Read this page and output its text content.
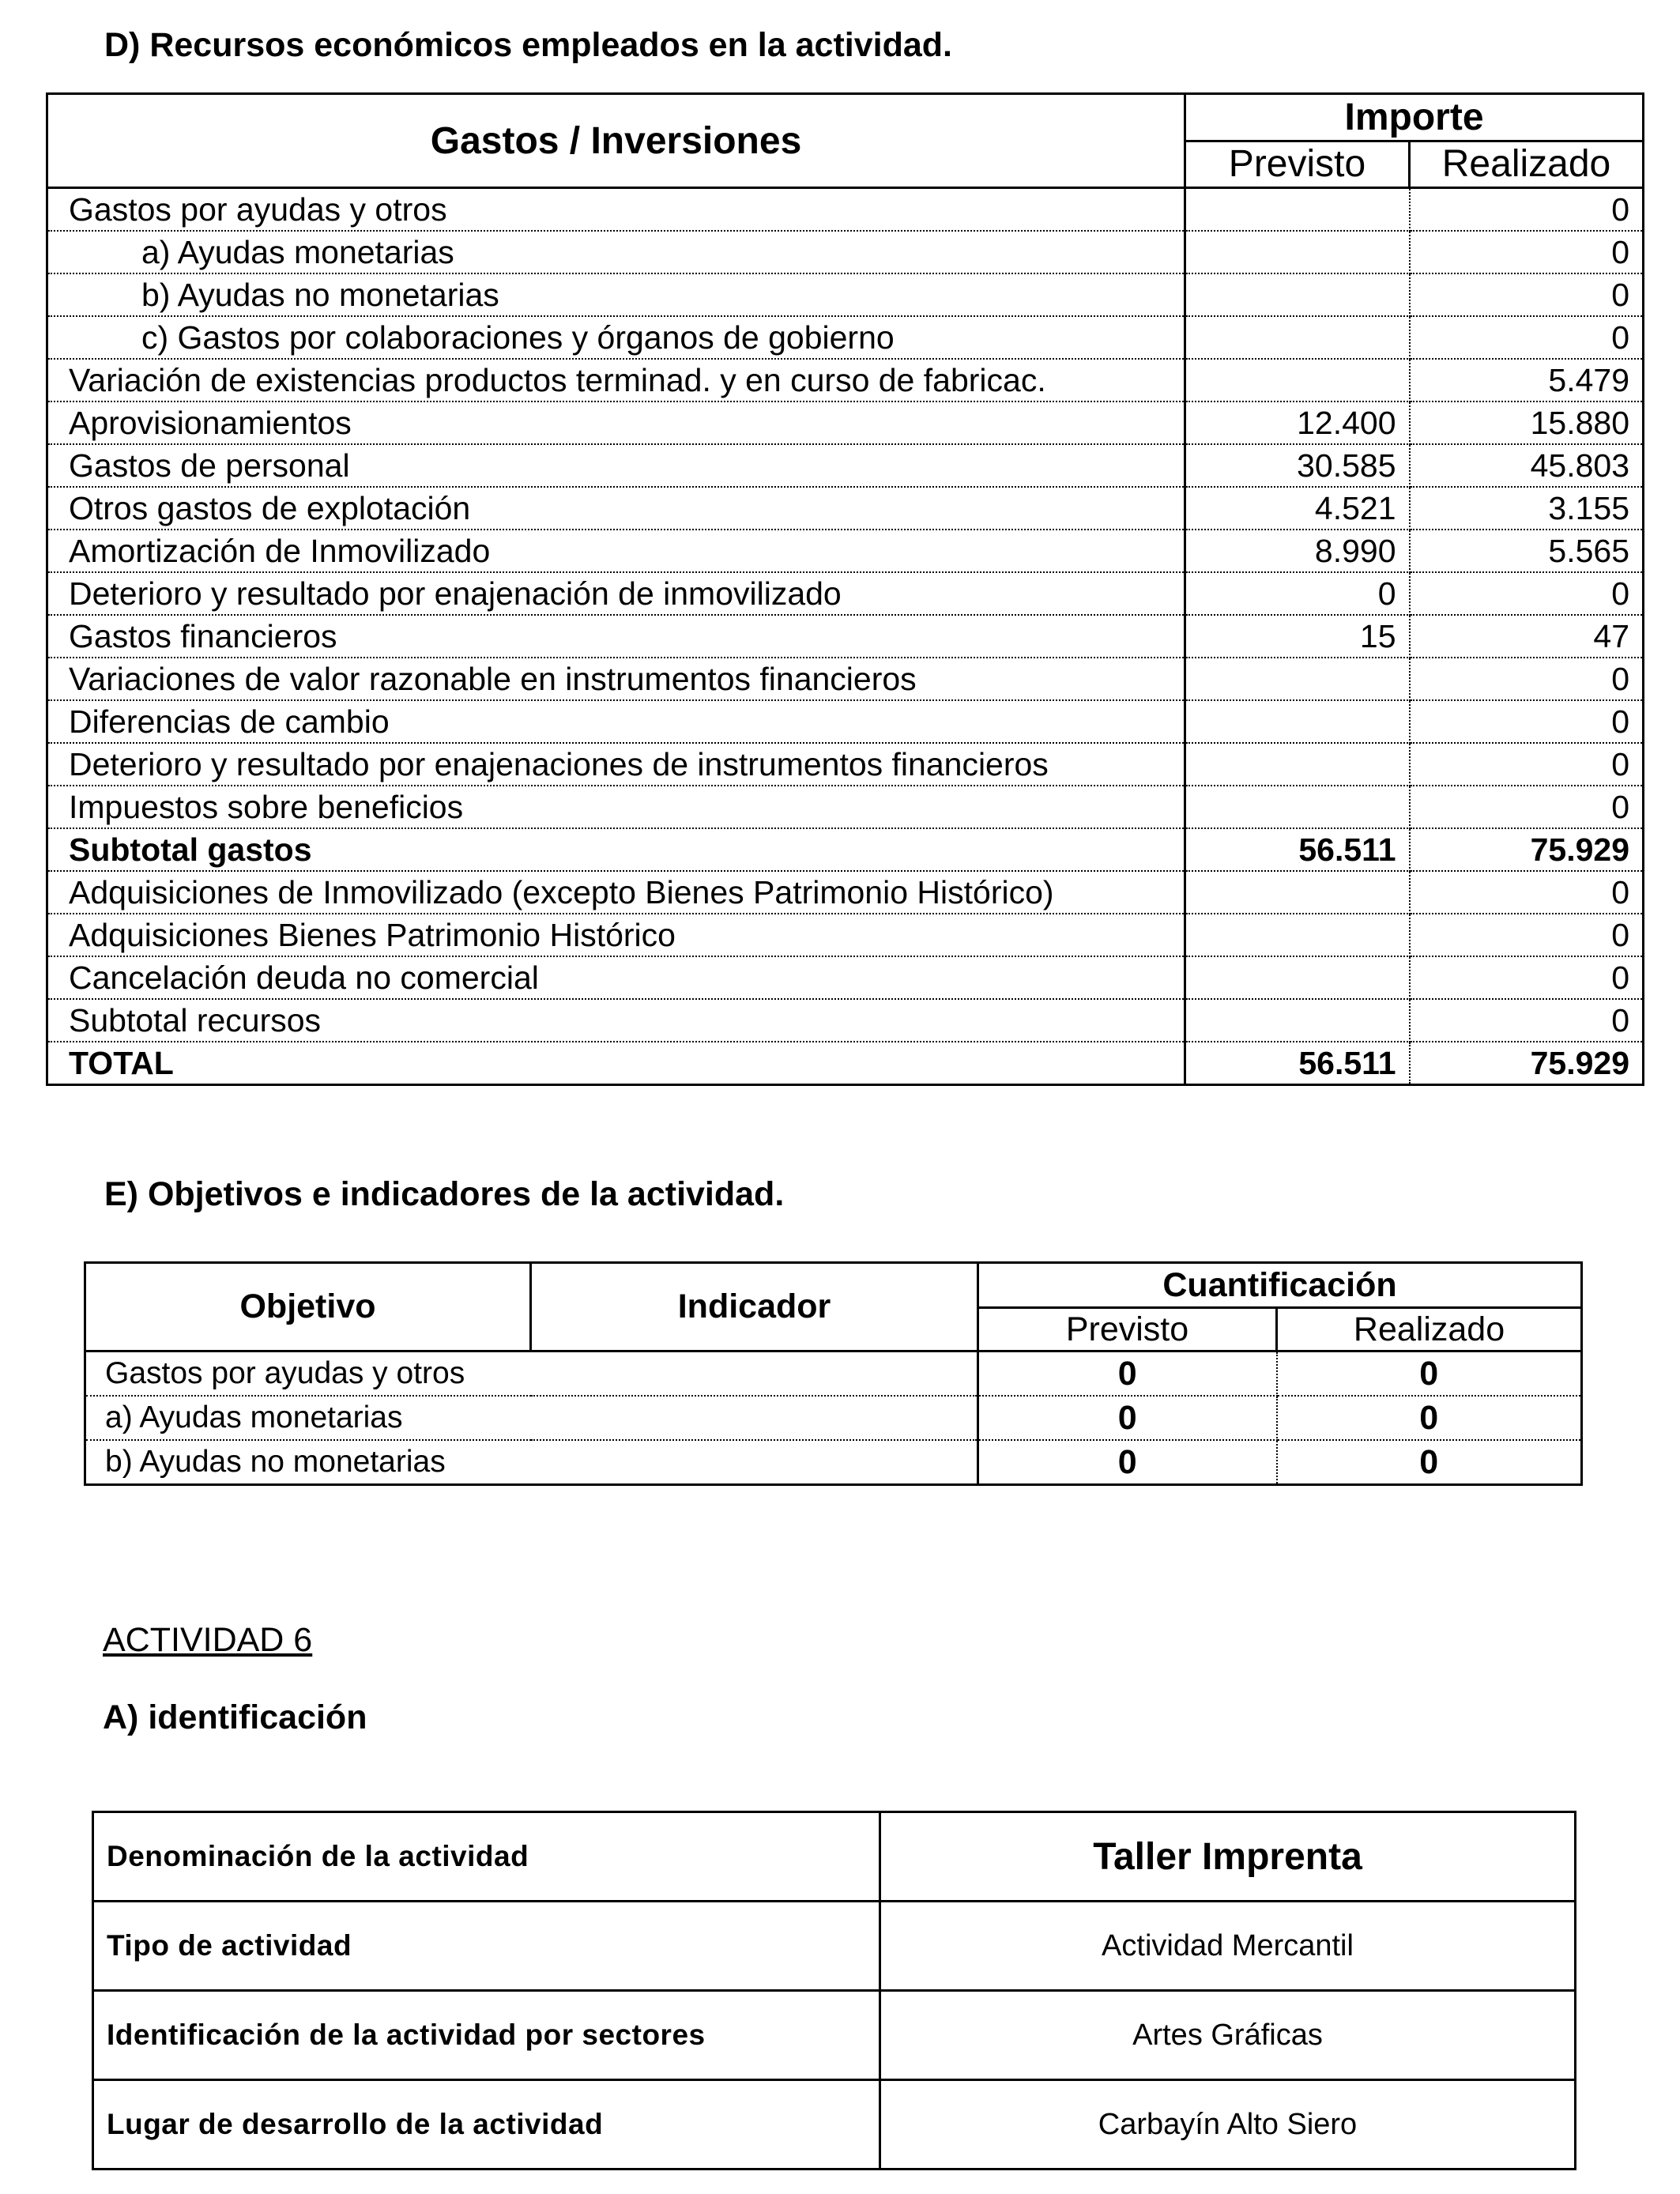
D) Recursos económicos empleados en la actividad.
Gastos / Inversiones	Importe	
	Previsto	Realizado
Gastos por ayudas y otros		0
a) Ayudas monetarias		0
b) Ayudas no monetarias		0
c) Gastos por colaboraciones y órganos de gobierno		0
Variación de existencias productos terminad. y en curso de fabricac.		5.479
Aprovisionamientos	12.400	15.880
Gastos de personal	30.585	45.803
Otros gastos de explotación	4.521	3.155
Amortización de Inmovilizado	8.990	5.565
Deterioro y resultado por enajenación de inmovilizado	0	0
Gastos financieros	15	47
Variaciones de valor razonable en instrumentos financieros		0
Diferencias de cambio		0
Deterioro y resultado por enajenaciones de instrumentos financieros		0
Impuestos sobre beneficios		0
Subtotal gastos	56.511	75.929
Adquisiciones de Inmovilizado (excepto Bienes Patrimonio Histórico)		0
Adquisiciones Bienes Patrimonio Histórico		0
Cancelación deuda no comercial		0
Subtotal recursos		0
TOTAL	56.511	75.929
E) Objetivos e indicadores de la actividad.
Objetivo	Indicador	Cuantificación	
		Previsto	Realizado
Gastos por ayudas y otros		0	0
a) Ayudas monetarias		0	0
b) Ayudas no monetarias		0	0
ACTIVIDAD 6
A) identificación
Denominación de la actividad	Taller Imprenta
Tipo de actividad	Actividad Mercantil
Identificación de la actividad por sectores	Artes Gráficas
Lugar de desarrollo de la actividad	Carbayín Alto Siero
